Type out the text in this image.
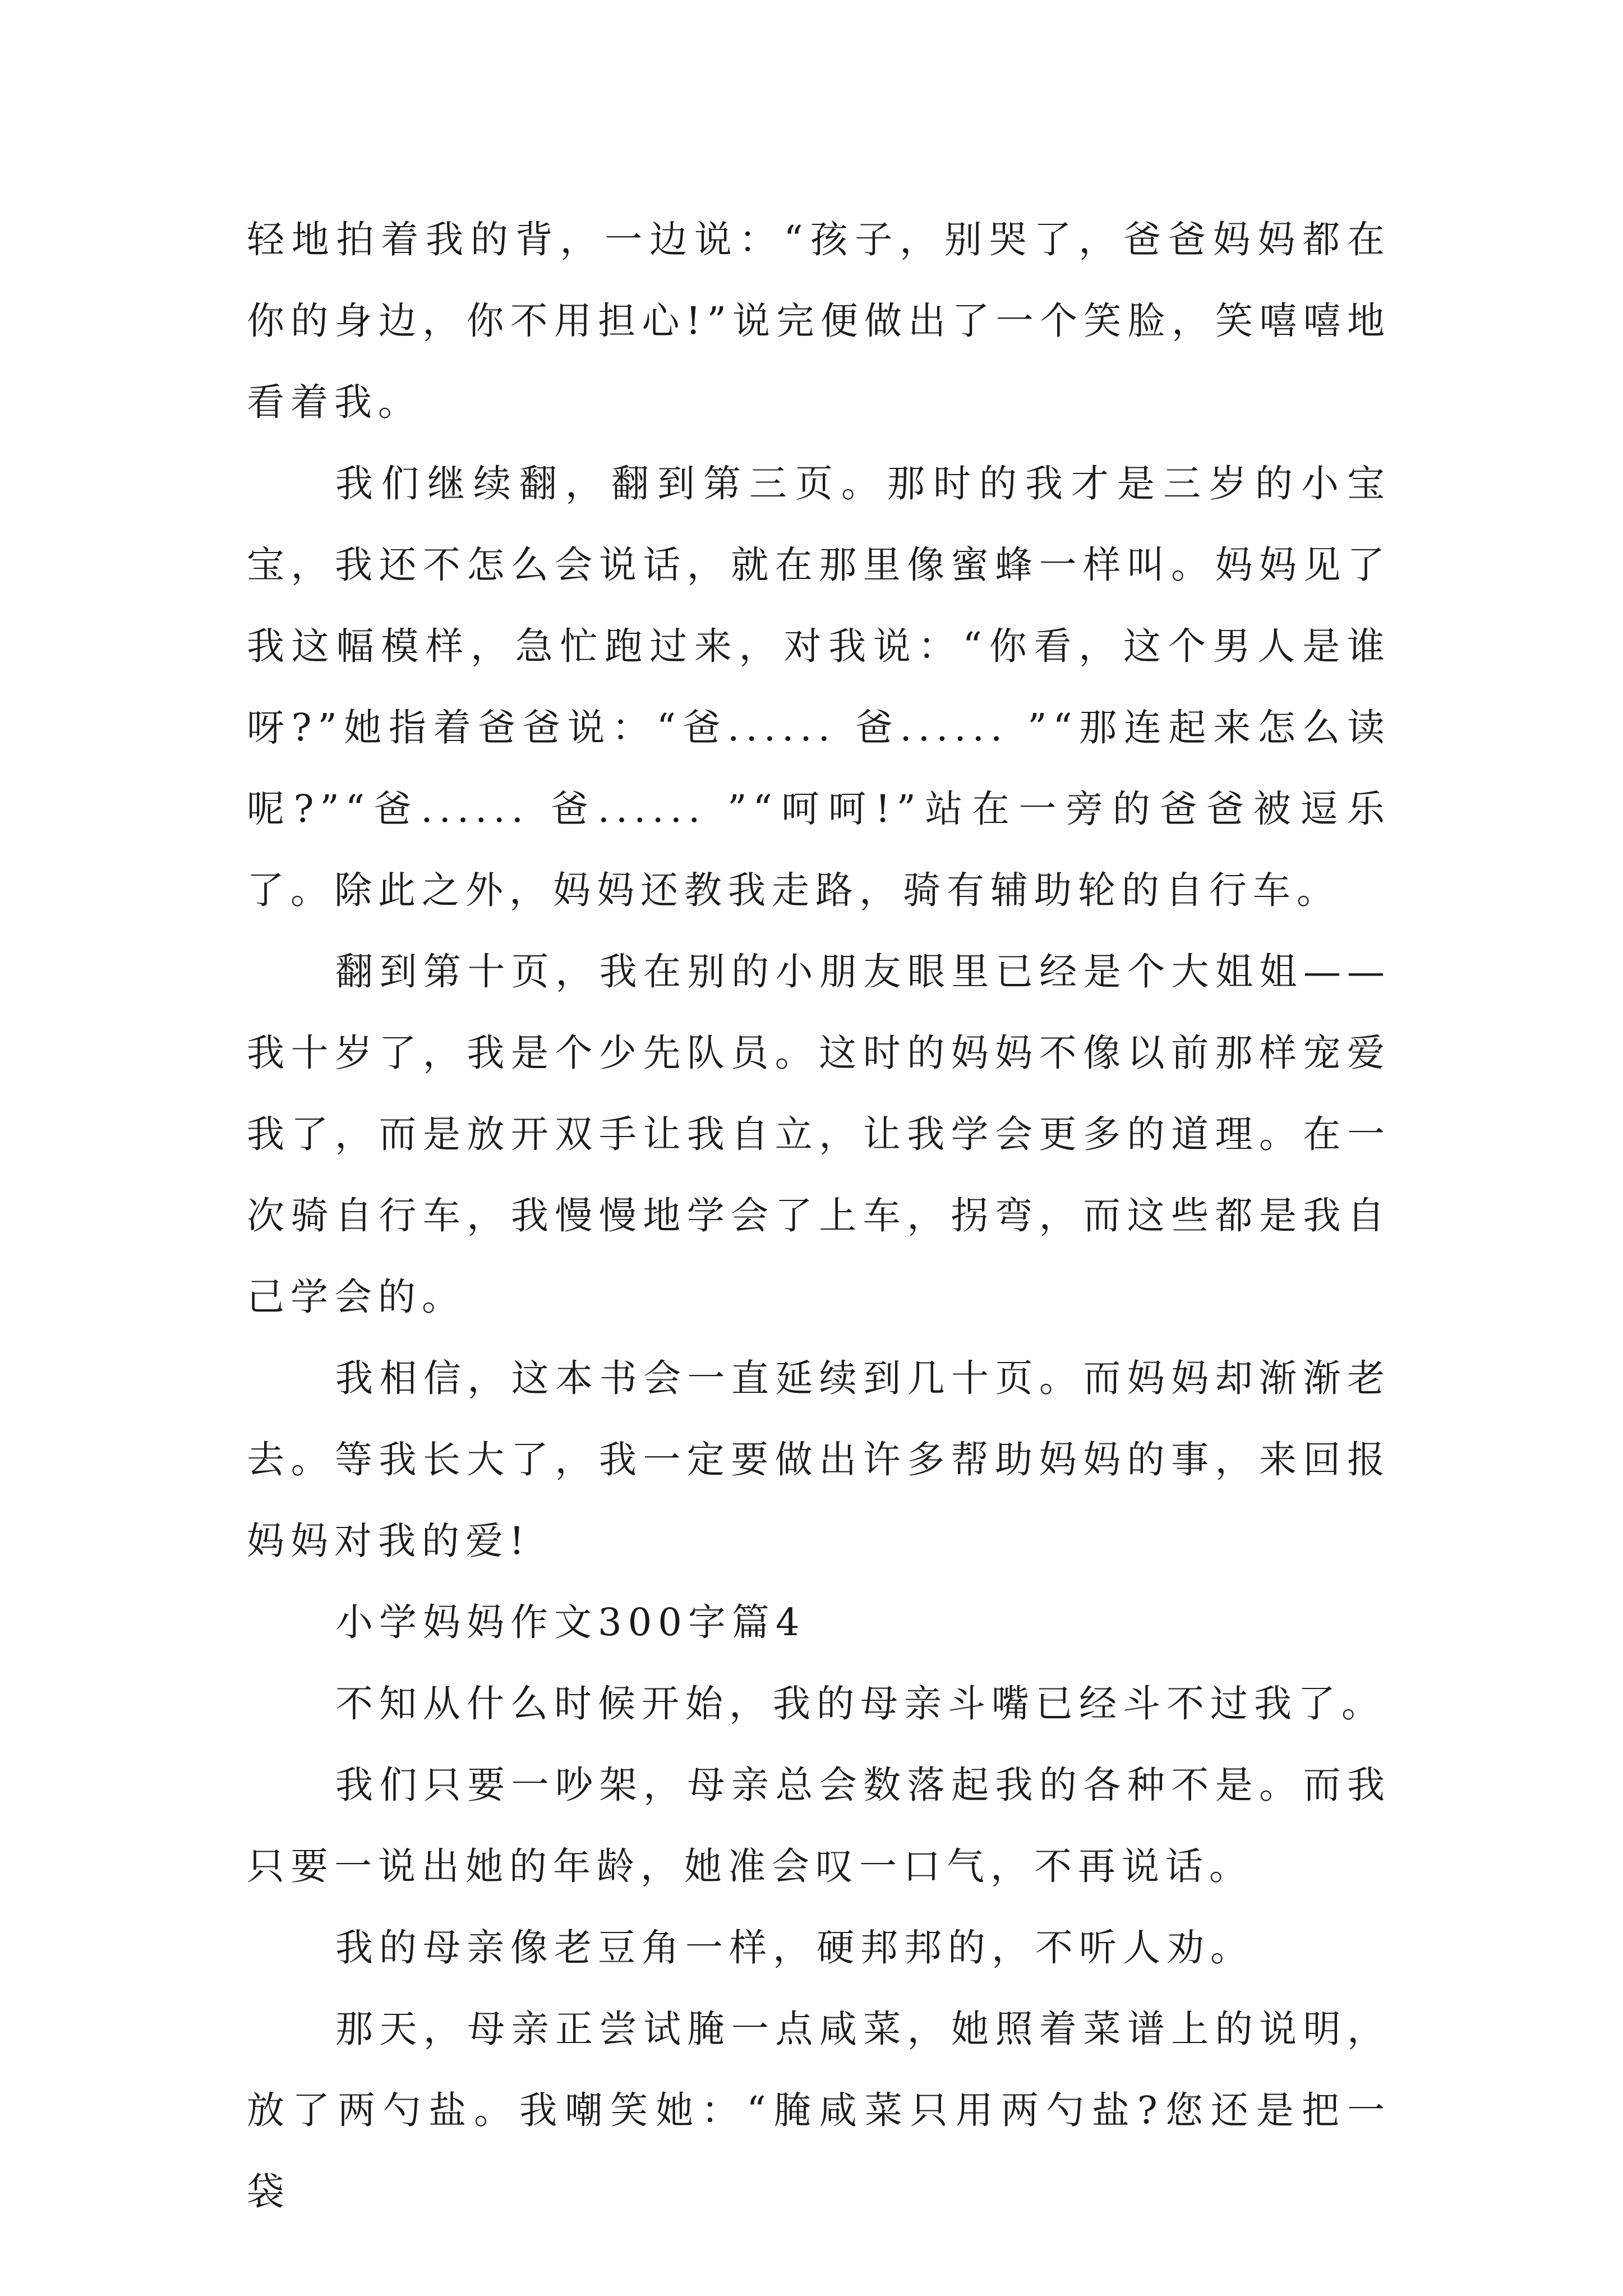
轻地拍着我的背，一边说：“孩子，别哭了，爸爸妈妈都在你的身边，你不用担心!”说完便做出了一个笑脸，笑嘻嘻地看着我。

我们继续翻，翻到第三页。那时的我才是三岁的小宝宝，我还不怎么会说话，就在那里像蜜蜂一样叫。妈妈见了我这幅模样，急忙跑过来，对我说：“你看，这个男人是谁呀?”她指着爸爸说：“爸...... 爸...... ”“那连起来怎么读呢?”“爸...... 爸...... ”“呵呵!”站在一旁的爸爸被逗乐了。除此之外，妈妈还教我走路，骑有辅助轮的自行车。

翻到第十页，我在别的小朋友眼里已经是个大姐姐——我十岁了，我是个少先队员。这时的妈妈不像以前那样宠爱我了，而是放开双手让我自立，让我学会更多的道理。在一次骑自行车，我慢慢地学会了上车，拐弯，而这些都是我自己学会的。

我相信，这本书会一直延续到几十页。而妈妈却渐渐老去。等我长大了，我一定要做出许多帮助妈妈的事，来回报妈妈对我的爱!

小学妈妈作文300字篇4

不知从什么时候开始，我的母亲斗嘴已经斗不过我了。

我们只要一吵架，母亲总会数落起我的各种不是。而我只要一说出她的年龄，她准会叹一口气，不再说话。

我的母亲像老豆角一样，硬邦邦的，不听人劝。

那天，母亲正尝试腌一点咸菜，她照着菜谱上的说明，放了两勺盐。我嘲笑她：“腌咸菜只用两勺盐?您还是把一袋
